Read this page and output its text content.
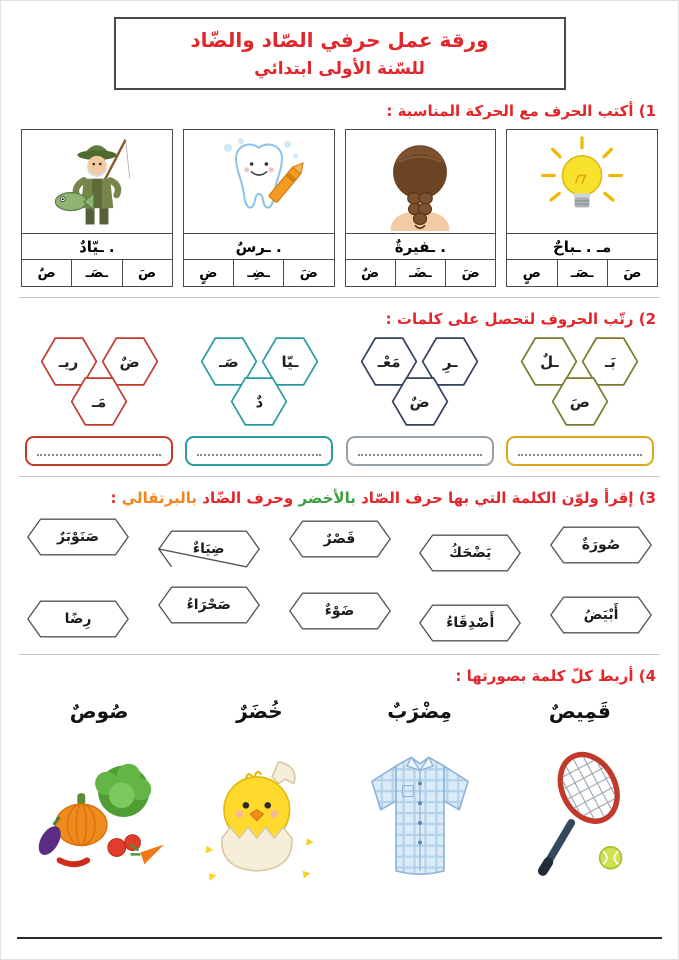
ورقة عمل حرفي الصّاد والضّاد
للسّنة الأولى ابتدائي
1) أكتب الحرف مع الحركة المناسبة :
مـ . ـباحٌ
صَ
ـصَـ
صٍ
. ـفيرةٌ
ضَ
ـضَـ
ضٌ
. ـرسٌ
ضَ
ـضِـ
ضٍ
. ـيّادٌ
صَ
ـصَـ
صٌ
2) رتّب الحروف لتحصل على كلمات :
بَـ
ـلٌ
صَ
ـرِ
مَعْـ
ضٌ
ـيّا
صَـ
دٌ
ضٌ
ريـ
مَـ
3) إقرأ ولوّن الكلمة التي بها حرف الصّاد بالأخضر وحرف الضّاد بالبرتقالي :
صُورَةٌ
يَضْحَكُ
قَصْرٌ
ضِيَاءٌ
صَنَوْبَرٌ
أَبْيَضُ
أَصْدِقَاءُ
ضَوْءٌ
صَحْرَاءُ
رِضًا
4) أربط كلّ كلمة بصورتها :
قَمِيصٌ
مِضْرَبٌ
خُضَرٌ
صُوصٌ
